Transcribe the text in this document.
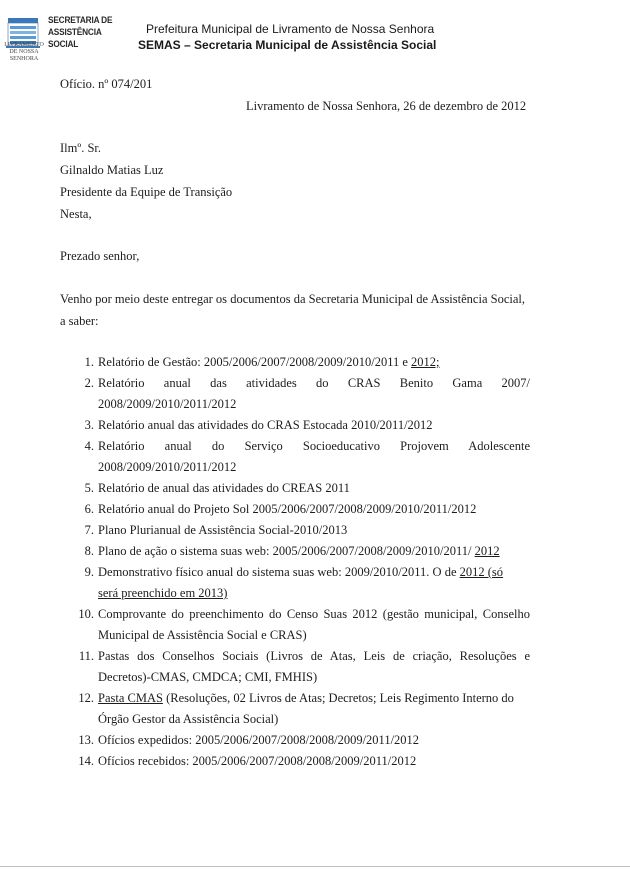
LIVRAMENTO
DE NOSSA SENHORA
SECRETARIA DE
ASSISTÊNCIA SOCIAL
Prefeitura Municipal de Livramento de Nossa Senhora
SEMAS – Secretaria Municipal de Assistência Social
Ofício. nº 074/201
Livramento de Nossa Senhora, 26 de dezembro de 2012
Ilmº. Sr.
Gilnaldo Matias Luz
Presidente da Equipe de Transição
Nesta,
Prezado senhor,
Venho por meio deste entregar os documentos da Secretaria Municipal de Assistência Social, a saber:
1. Relatório de Gestão: 2005/2006/2007/2008/2009/2010/2011 e 2012;
2. Relatório anual das atividades do CRAS Benito Gama 2007/
2008/2009/2010/2011/2012
3. Relatório anual das atividades do CRAS Estocada 2010/2011/2012
4. Relatório anual do Serviço Socioeducativo Projovem Adolescente
2008/2009/2010/2011/2012
5. Relatório de anual das atividades do CREAS 2011
6. Relatório anual do Projeto Sol 2005/2006/2007/2008/2009/2010/2011/2012
7. Plano Plurianual de Assistência Social-2010/2013
8. Plano de ação o sistema suas web: 2005/2006/2007/2008/2009/2010/2011/ 2012
9. Demonstrativo físico anual do sistema suas web: 2009/2010/2011. O de 2012 (só
será preenchido em 2013)
10. Comprovante do preenchimento do Censo Suas 2012 (gestão municipal, Conselho
Municipal de Assistência Social e CRAS)
11. Pastas dos Conselhos Sociais (Livros de Atas, Leis de criação, Resoluções e
Decretos)-CMAS, CMDCA; CMI, FMHIS)
12. Pasta CMAS (Resoluções, 02 Livros de Atas; Decretos; Leis Regimento Interno do
Órgão Gestor da Assistência Social)
13. Ofícios expedidos: 2005/2006/2007/2008/2008/2009/2011/2012
14. Ofícios recebidos: 2005/2006/2007/2008/2008/2009/2011/2012
